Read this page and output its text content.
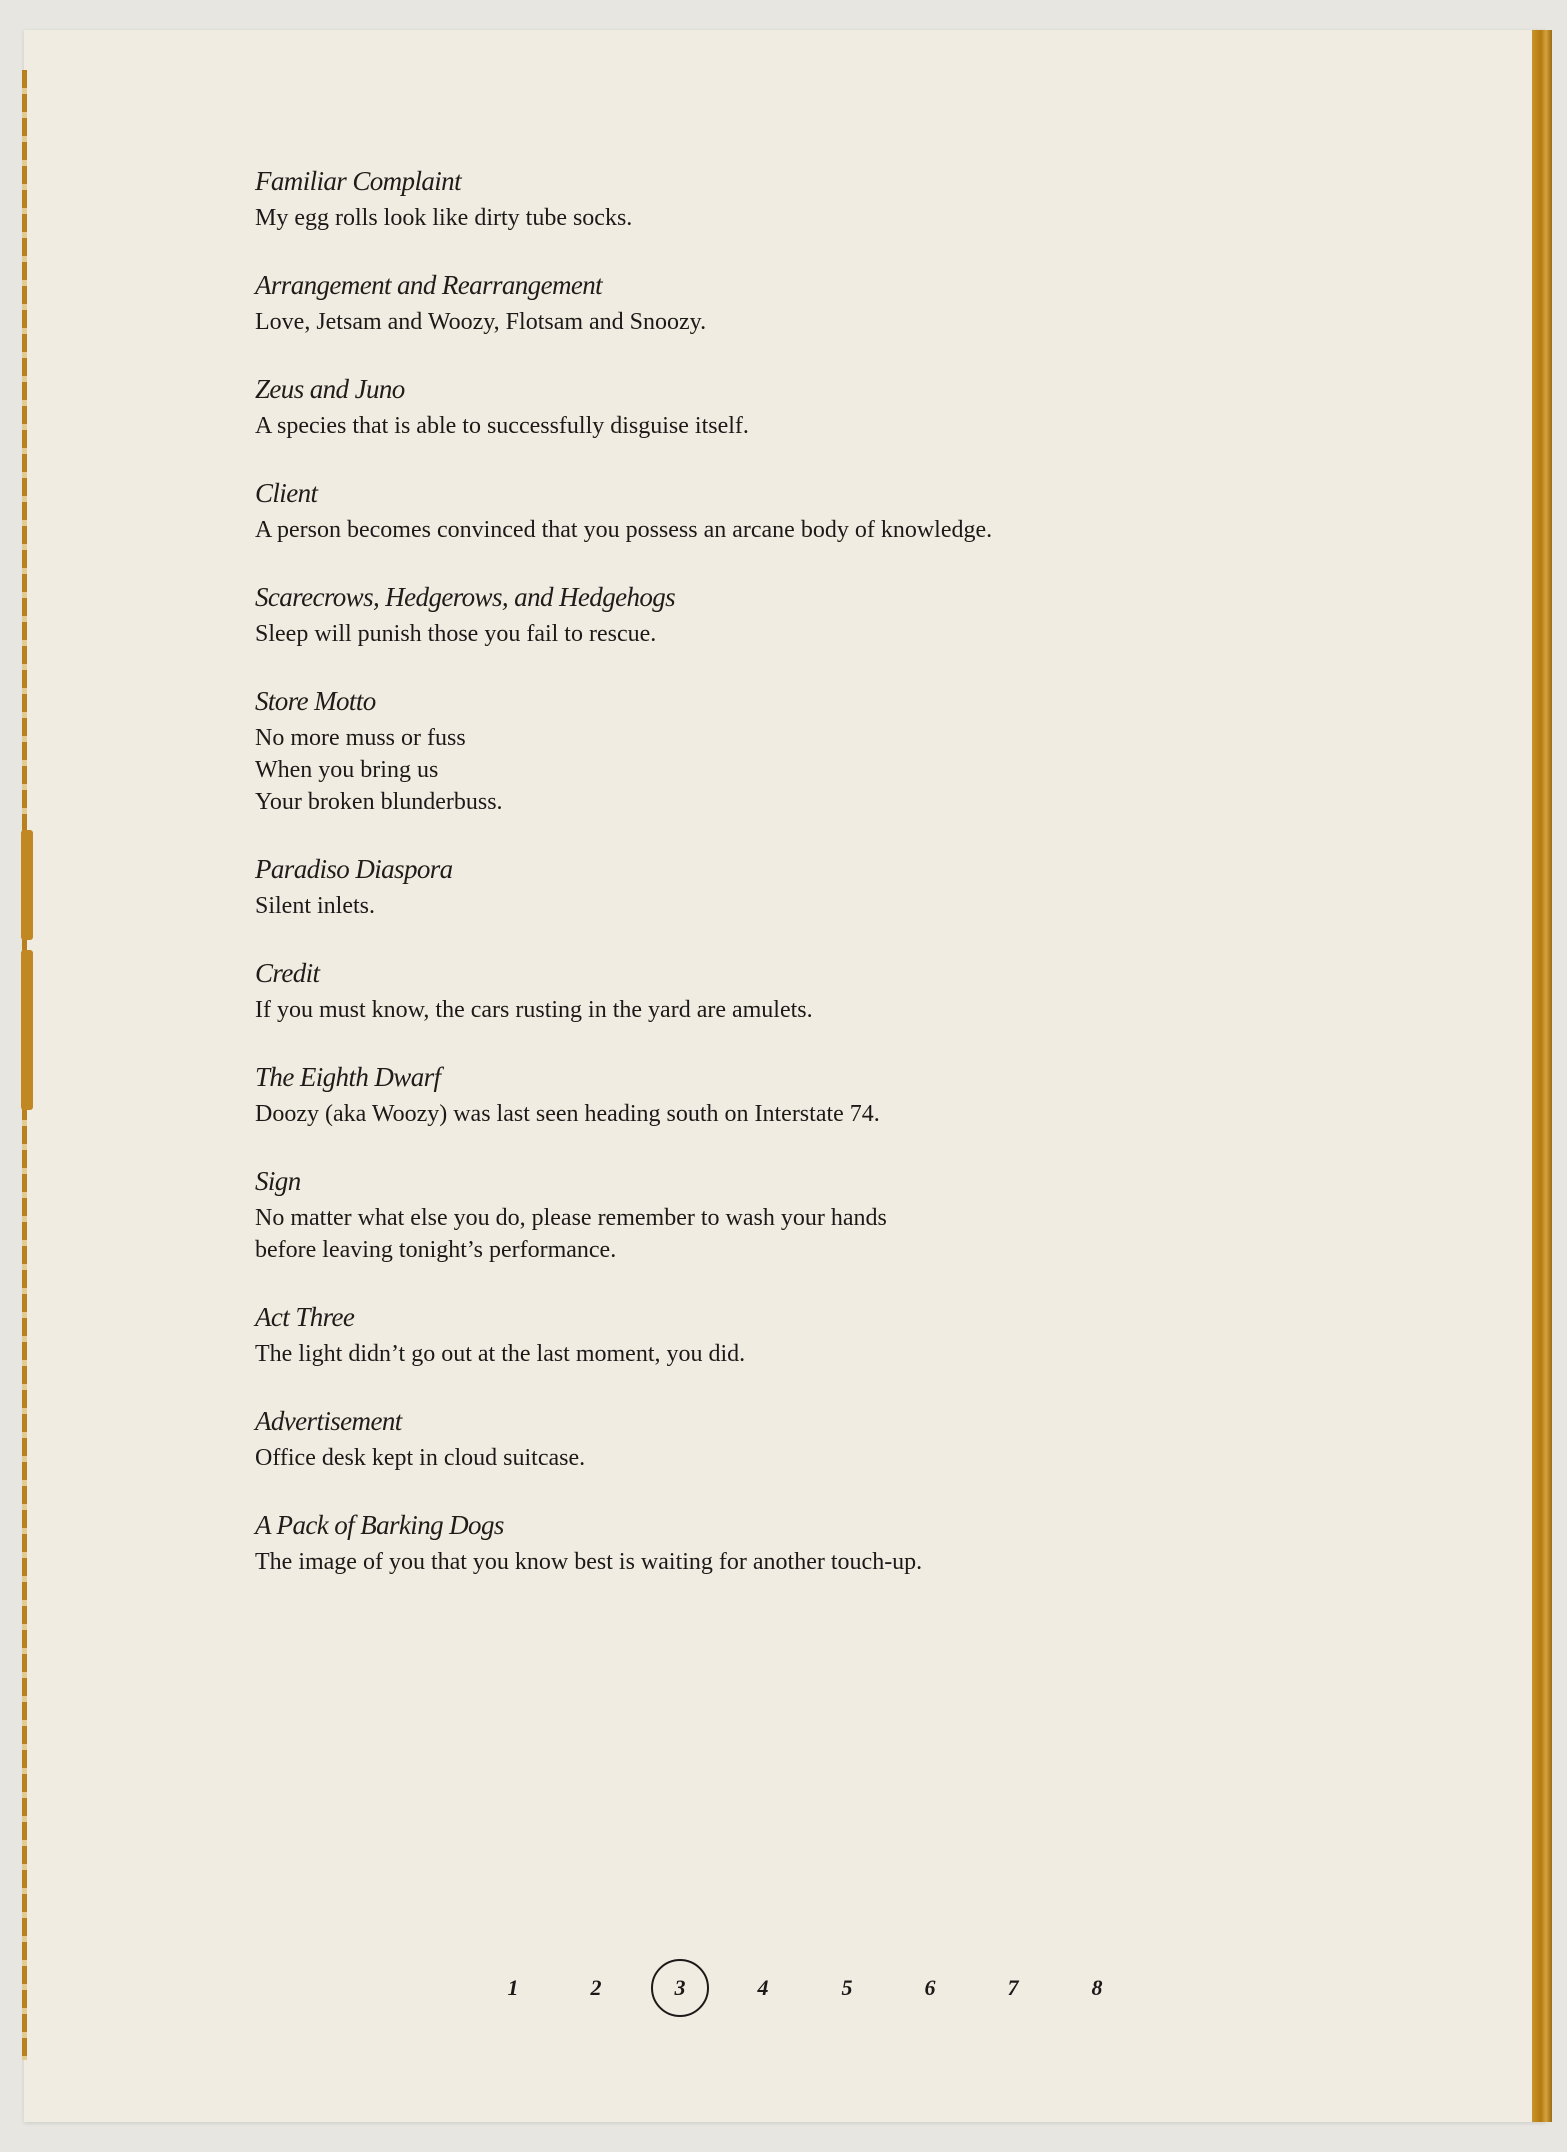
Familiar Complaint
My egg rolls look like dirty tube socks.
Arrangement and Rearrangement
Love, Jetsam and Woozy, Flotsam and Snoozy.
Zeus and Juno
A species that is able to successfully disguise itself.
Client
A person becomes convinced that you possess an arcane body of knowledge.
Scarecrows, Hedgerows, and Hedgehogs
Sleep will punish those you fail to rescue.
Store Motto
No more muss or fuss
When you bring us
Your broken blunderbuss.
Paradiso Diaspora
Silent inlets.
Credit
If you must know, the cars rusting in the yard are amulets.
The Eighth Dwarf
Doozy (aka Woozy) was last seen heading south on Interstate 74.
Sign
No matter what else you do, please remember to wash your hands
before leaving tonight’s performance.
Act Three
The light didn’t go out at the last moment, you did.
Advertisement
Office desk kept in cloud suitcase.
A Pack of Barking Dogs
The image of you that you know best is waiting for another touch-up.
1	2	3	4	5	6	7	8
